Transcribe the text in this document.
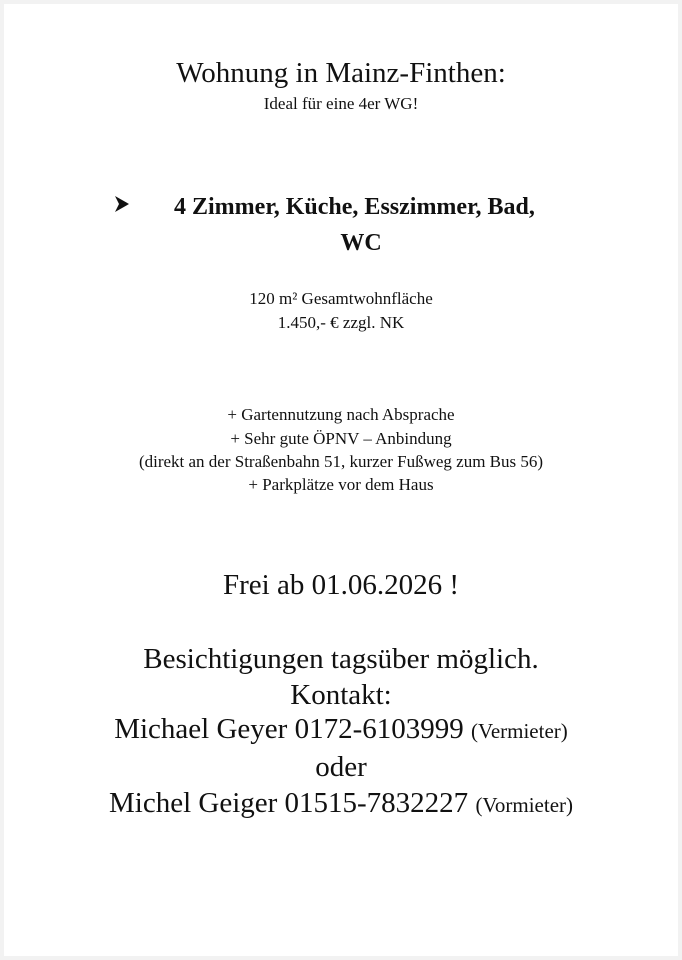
Wohnung in Mainz-Finthen:
Ideal für eine 4er WG!
4 Zimmer, Küche, Esszimmer, Bad,
WC
120 m² Gesamtwohnfläche
1.450,- € zzgl. NK
+ Gartennutzung nach Absprache
+ Sehr gute ÖPNV – Anbindung
(direkt an der Straßenbahn 51, kurzer Fußweg zum Bus 56)
+ Parkplätze vor dem Haus
Frei ab 01.06.2026 !
Besichtigungen tagsüber möglich.
Kontakt:
Michael Geyer 0172-6103999 (Vermieter)
oder
Michel Geiger 01515-7832227 (Vormieter)
